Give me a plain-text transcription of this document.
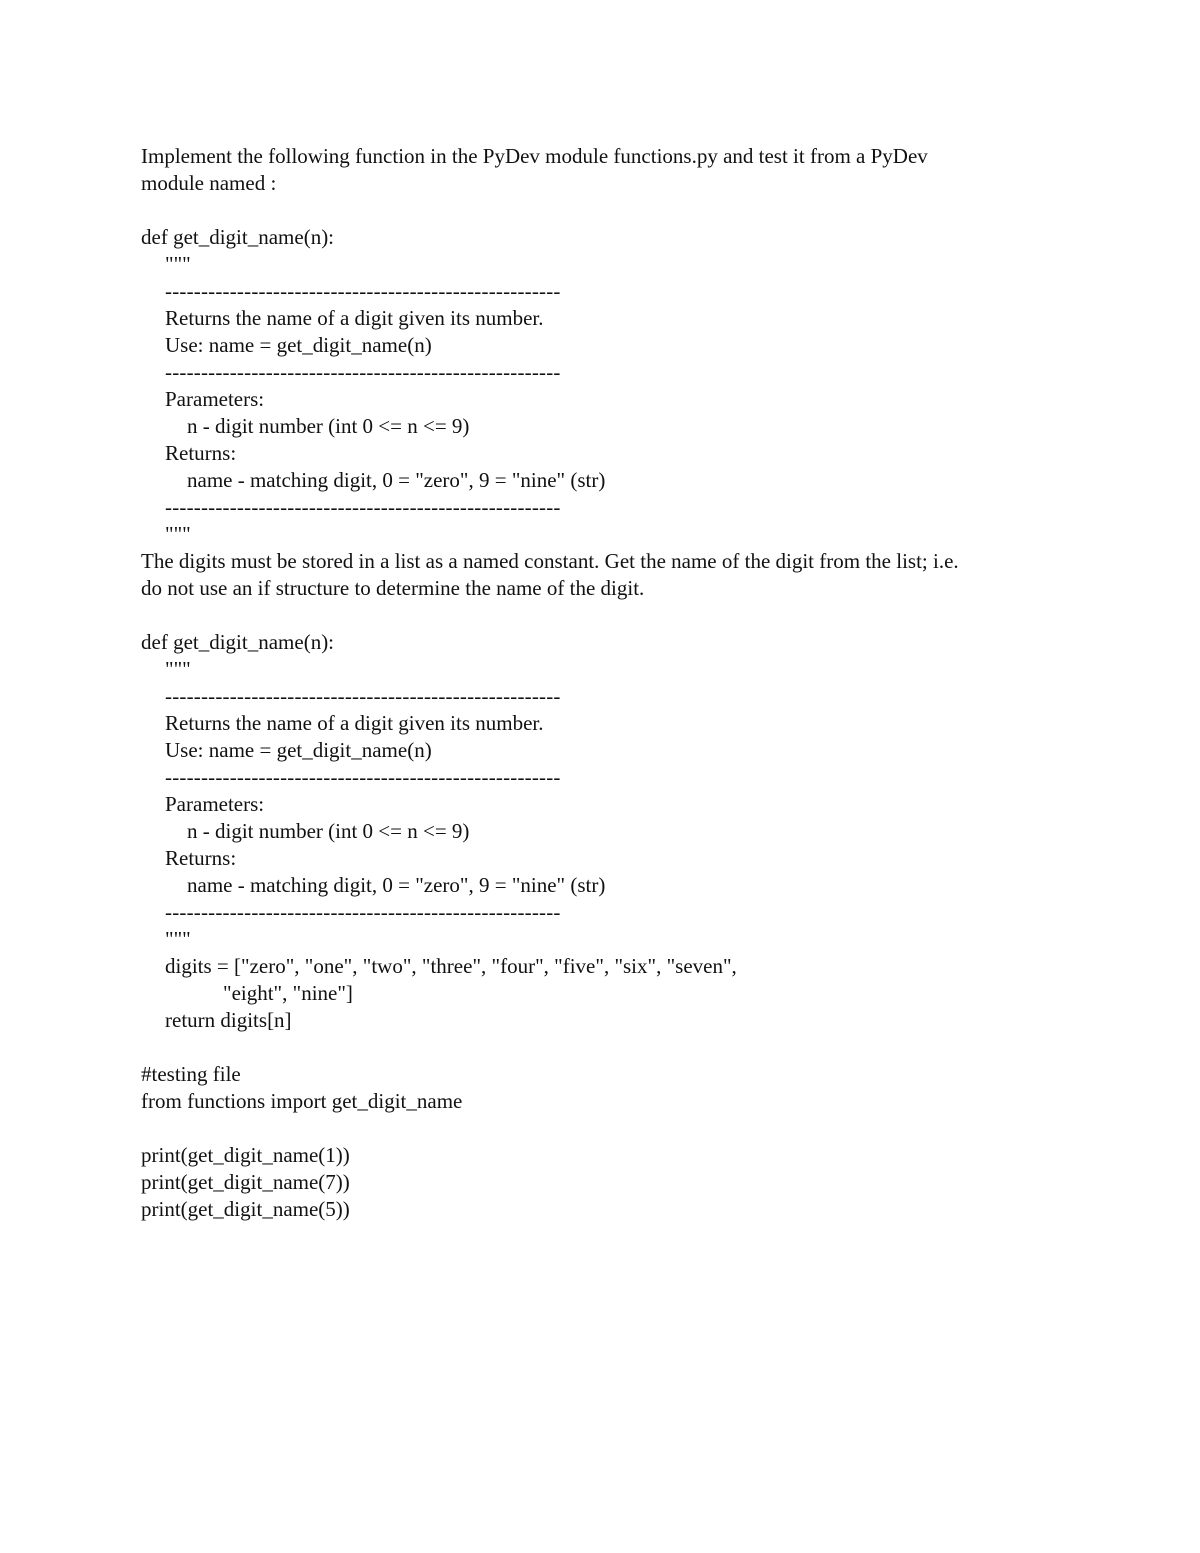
Implement the following function in the PyDev module functions.py and test it from a PyDev
module named :
def get_digit_name(n):
"""
-------------------------------------------------------
Returns the name of a digit given its number.
Use: name = get_digit_name(n)
-------------------------------------------------------
Parameters:
n - digit number (int 0 <= n <= 9)
Returns:
name - matching digit, 0 = "zero", 9 = "nine" (str)
-------------------------------------------------------
"""
The digits must be stored in a list as a named constant. Get the name of the digit from the list; i.e.
do not use an if structure to determine the name of the digit.
def get_digit_name(n):
"""
-------------------------------------------------------
Returns the name of a digit given its number.
Use: name = get_digit_name(n)
-------------------------------------------------------
Parameters:
n - digit number (int 0 <= n <= 9)
Returns:
name - matching digit, 0 = "zero", 9 = "nine" (str)
-------------------------------------------------------
"""
digits = ["zero", "one", "two", "three", "four", "five", "six", "seven",
"eight", "nine"]
return digits[n]
#testing file
from functions import get_digit_name
print(get_digit_name(1))
print(get_digit_name(7))
print(get_digit_name(5))
